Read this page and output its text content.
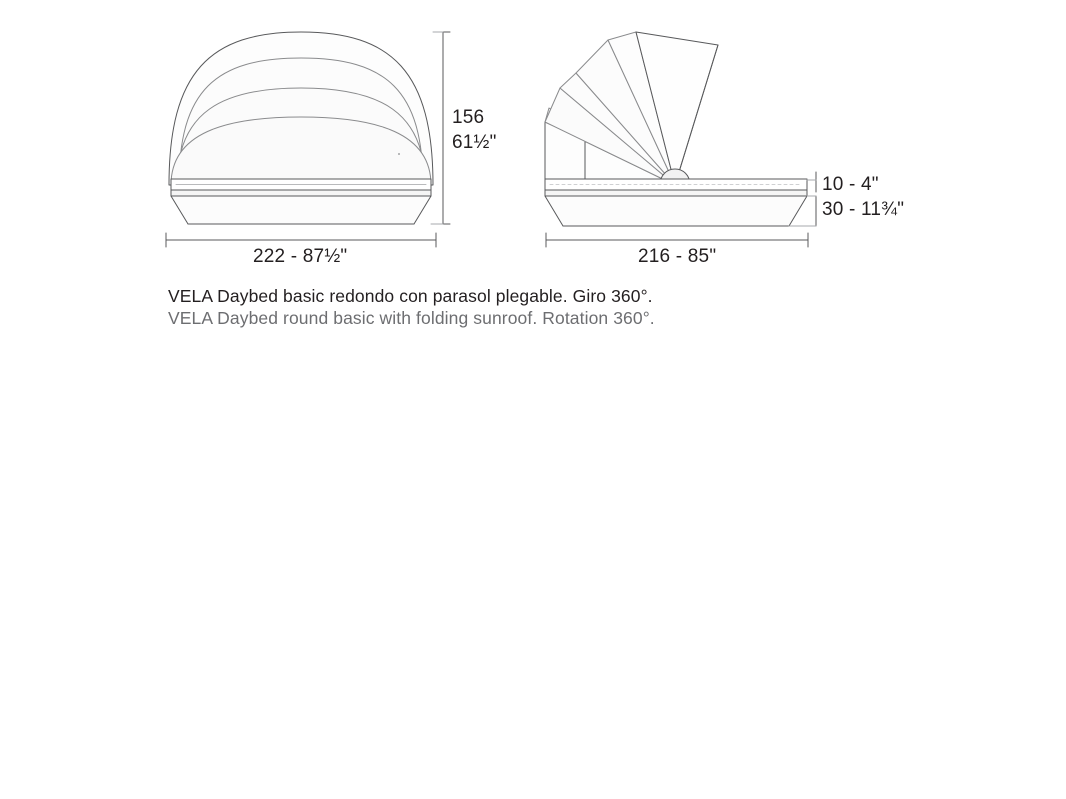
156
61½"
222 - 87½"	216 - 85"
10 - 4"
30 - 11¾"
VELA Daybed basic redondo con parasol plegable. Giro 360°.
VELA Daybed round basic with folding sunroof. Rotation 360°.
